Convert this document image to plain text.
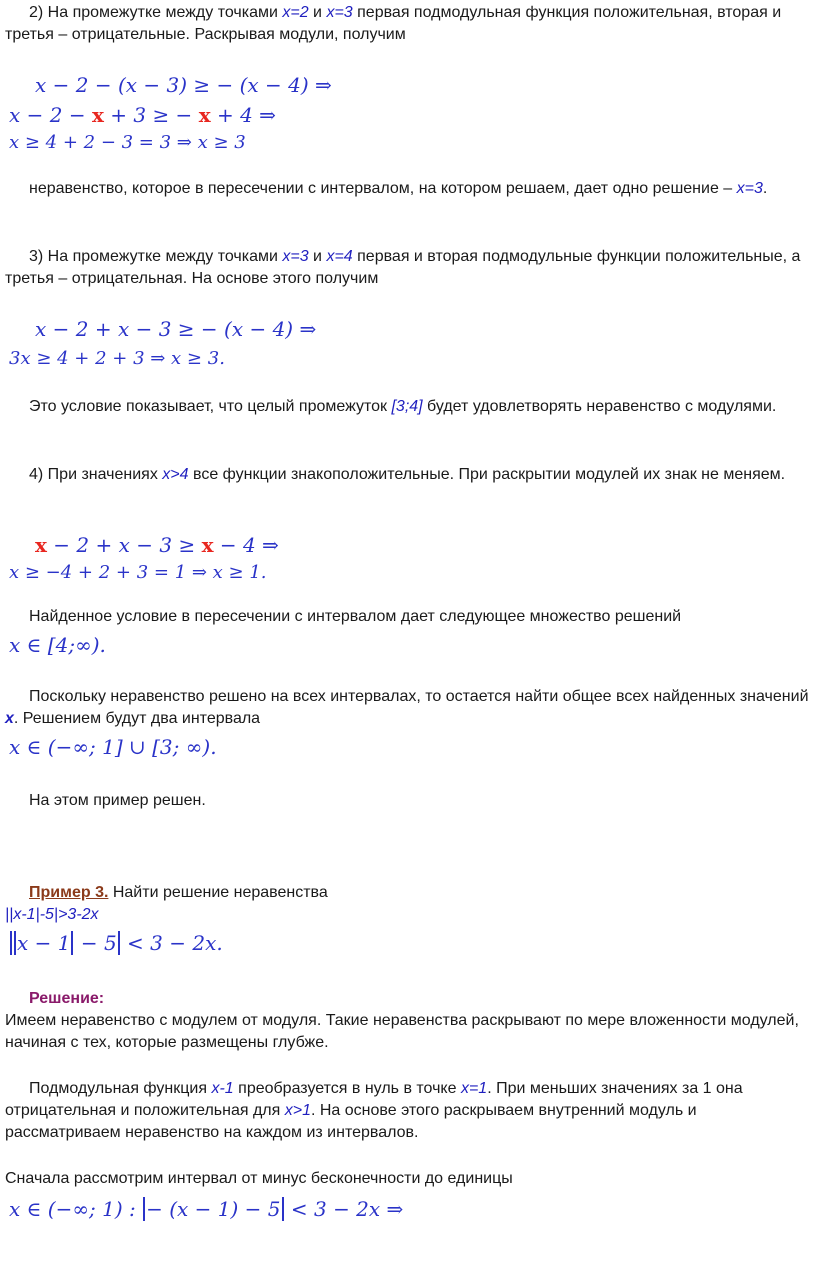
2) На промежутке между точками x=2 и x=3 первая подмодульная функция положительная, вторая и третья – отрицательные. Раскрывая модули, получим

x − 2 − (x − 3) ≥ − (x − 4) ⇒
x − 2 − x + 3 ≥ − x + 4 ⇒
x ≥ 4 + 2 − 3 = 3 ⇒ x ≥ 3

неравенство, которое в пересечении с интервалом, на котором решаем, дает одно решение – x=3.

3) На промежутке между точками x=3 и x=4 первая и вторая подмодульные функции положительные, а третья – отрицательная. На основе этого получим

x − 2 + x − 3 ≥ − (x − 4) ⇒
3x ≥ 4 + 2 + 3 ⇒ x ≥ 3.

Это условие показывает, что целый промежуток [3;4] будет удовлетворять неравенство с модулями.

4) При значениях x>4 все функции знакоположительные. При раскрытии модулей их знак не меняем.

x − 2 + x − 3 ≥ x − 4 ⇒
x ≥ −4 + 2 + 3 = 1 ⇒ x ≥ 1.

Найденное условие в пересечении с интервалом дает следующее множество решений

x ∈ [4;∞).

Поскольку неравенство решено на всех интервалах, то остается найти общее всех найденных значений x. Решением будут два интервала

x ∈ (−∞; 1] ∪ [3; ∞).

На этом пример решен.

Пример 3. Найти решение неравенства

||x-1|-5|>3-2x

x − 1 − 5 < 3 − 2x.

Решение:

Имеем неравенство с модулем от модуля. Такие неравенства раскрывают по мере вложенности модулей, начиная с тех, которые размещены глубже.

Подмодульная функция x-1 преобразуется в нуль в точке x=1. При меньших значениях за 1 она отрицательная и положительная для x>1. На основе этого раскрываем внутренний модуль и рассматриваем неравенство на каждом из интервалов.

Сначала рассмотрим интервал от минус бесконечности до единицы

x ∈ (−∞; 1) : − (x − 1) − 5 < 3 − 2x ⇒
